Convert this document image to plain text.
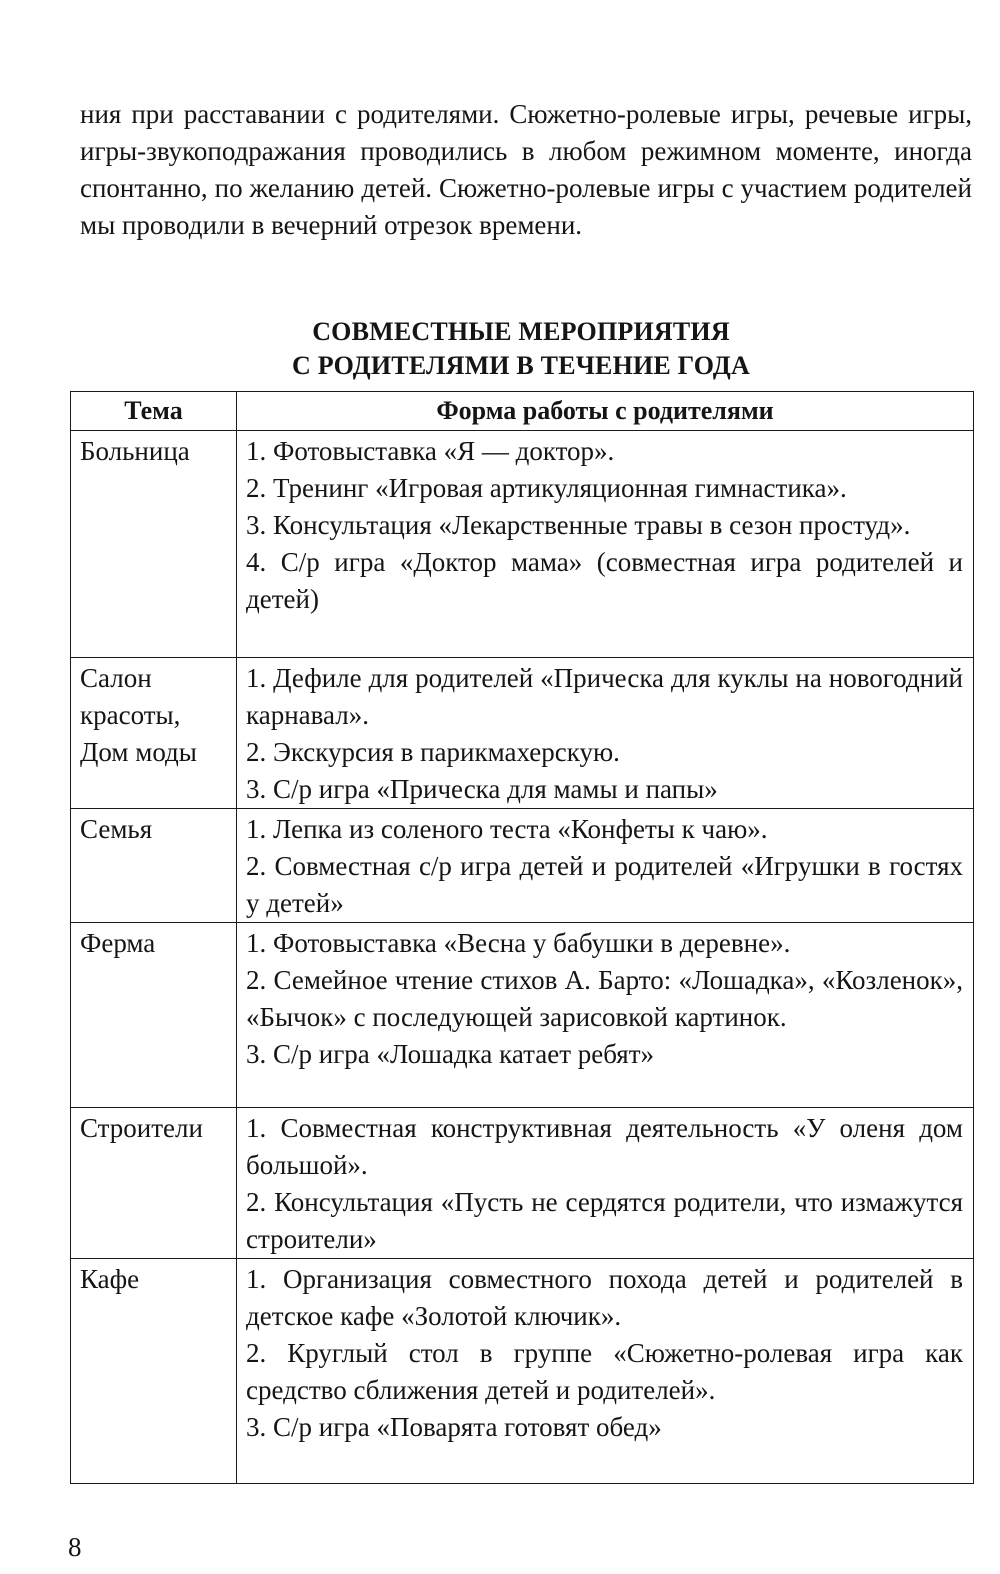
ния при расставании с родителями. Сюжетно-ролевые игры, речевые игры, игры-звукоподражания проводились в любом режимном моменте, иногда спонтанно, по желанию детей. Сюжетно-ролевые игры с участием родителей мы проводили в вечерний отрезок времени.

СОВМЕСТНЫЕ МЕРОПРИЯТИЯ
С РОДИТЕЛЯМИ В ТЕЧЕНИЕ ГОДА
Тема	Форма работы с родителями
Больница	1. Фотовыставка «Я — доктор».
2. Тренинг «Игровая артикуляционная гимнастика».
3. Консультация «Лекарственные травы в сезон простуд».
4. С/р игра «Доктор мама» (совместная игра родителей и детей)

Салон красоты, Дом моды	1. Дефиле для родителей «Прическа для куклы на новогодний карнавал».
2. Экскурсия в парикмахерскую.
3. С/р игра «Прическа для мамы и папы»

Семья	1. Лепка из соленого теста «Конфеты к чаю».
2. Совместная с/р игра детей и родителей «Игрушки в гостях у детей»

Ферма	1. Фотовыставка «Весна у бабушки в деревне».
2. Семейное чтение стихов А. Барто: «Лошадка», «Козленок», «Бычок» с последующей зарисовкой картинок.
3. С/р игра «Лошадка катает ребят»

Строители	1. Совместная конструктивная деятельность «У оленя дом большой».
2. Консультация «Пусть не сердятся родители, что измажутся строители»

Кафе	1. Организация совместного похода детей и родителей в детское кафе «Золотой ключик».
2. Круглый стол в группе «Сюжетно-ролевая игра как средство сближения детей и родителей».
3. С/р игра «Поварята готовят обед»
8
